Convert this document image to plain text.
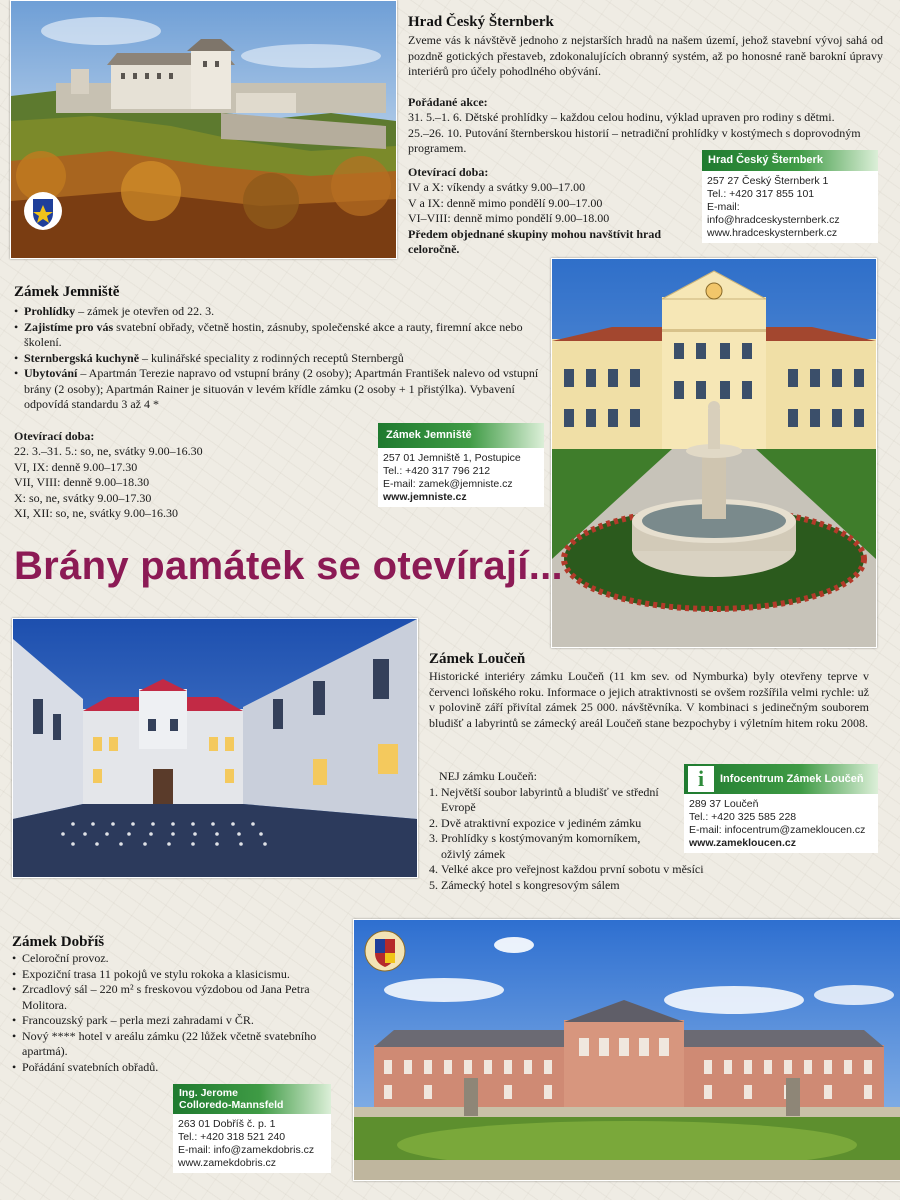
Hrad Český Šternberk

Zveme vás k návštěvě jednoho z nejstarších hradů na našem území, jehož stavební vývoj sahá od pozdně gotických přestaveb, zdokonalujících obranný systém, až po honosné raně barokní úpravy interiérů pro účely pohodlného obývání.

Pořádané akce:

31. 5.–1. 6. Dětské prohlídky – každou celou hodinu, výklad upraven pro rodiny s dětmi.

25.–26. 10. Putování šternberskou historií – netradiční prohlídky v kostýmech s doprovodným programem.

Otevírací doba:

IV a X: víkendy a svátky 9.00–17.00

V a IX: denně mimo pondělí 9.00–17.00

VI–VIII: denně mimo pondělí 9.00–18.00

Předem objednané skupiny mohou navštívit hrad celoročně.

Hrad Český Šternberk
257 27 Český Šternberk 1
Tel.: +420 317 855 101
E-mail: info@hradceskysternberk.cz
www.hradceskysternberk.cz
Zámek Jemniště
• Prohlídky – zámek je otevřen od 22. 3.
• Zajistíme pro vás svatební obřady, včetně hostin, zásnuby, společenské akce a rauty, firemní akce nebo školení.
• Sternbergská kuchyně – kulinářské speciality z rodinných receptů Sternbergů
• Ubytování – Apartmán Terezie napravo od vstupní brány (2 osoby); Apartmán František nalevo od vstupní brány (2 osoby); Apartmán Rainer je situován v levém křídle zámku (2 osoby + 1 přistýlka). Vybavení odpovídá standardu 3 až 4 *

Otevírací doba:

22. 3.–31. 5.: so, ne, svátky 9.00–16.30

VI, IX: denně 9.00–17.30

VII, VIII: denně 9.00–18.30

X: so, ne, svátky 9.00–17.30

XI, XII: so, ne, svátky 9.00–16.30

Zámek Jemniště
257 01 Jemniště 1, Postupice
Tel.: +420 317 796 212
E-mail: zamek@jemniste.cz
www.jemniste.cz
Brány památek se otevírají...
Zámek Loučeň

Historické interiéry zámku Loučeň (11 km sev. od Nymburka) byly otevřeny teprve v červenci loňského roku. Informace o jejich atraktivnosti se ovšem rozšířila velmi rychle: už v polovině září přivítal zámek 25 000. návštěvníka. V kombinaci s jedinečným souborem bludišť a labyrintů se zámecký areál Loučeň stane bezpochyby i výletním hitem roku 2008.

NEJ zámku Loučeň:

1. Největší soubor labyrintů a bludišť ve střední Evropě
2. Dvě atraktivní expozice v jediném zámku
3. Prohlídky s kostýmovaným komorníkem, oživlý zámek
4. Velké akce pro veřejnost každou první sobotu v měsíci
5. Zámecký hotel s kongresovým sálem
i	Infocentrum Zámek Loučeň
289 37 Loučeň
Tel.: +420 325 585 228
E-mail: infocentrum@zamekloucen.cz
www.zamekloucen.cz
Zámek Dobříš
• Celoroční provoz.
• Expoziční trasa 11 pokojů ve stylu rokoka a klasicismu.
• Zrcadlový sál – 220 m² s freskovou výzdobou od Jana Petra Molitora.
• Francouzský park – perla mezi zahradami v ČR.
• Nový **** hotel v areálu zámku (22 lůžek včetně svatebního apartmá).
• Pořádání svatebních obřadů.
Ing. Jerome
Colloredo-Mannsfeld
263 01 Dobříš č. p. 1
Tel.: +420 318 521 240
E-mail: info@zamekdobris.cz
www.zamekdobris.cz
